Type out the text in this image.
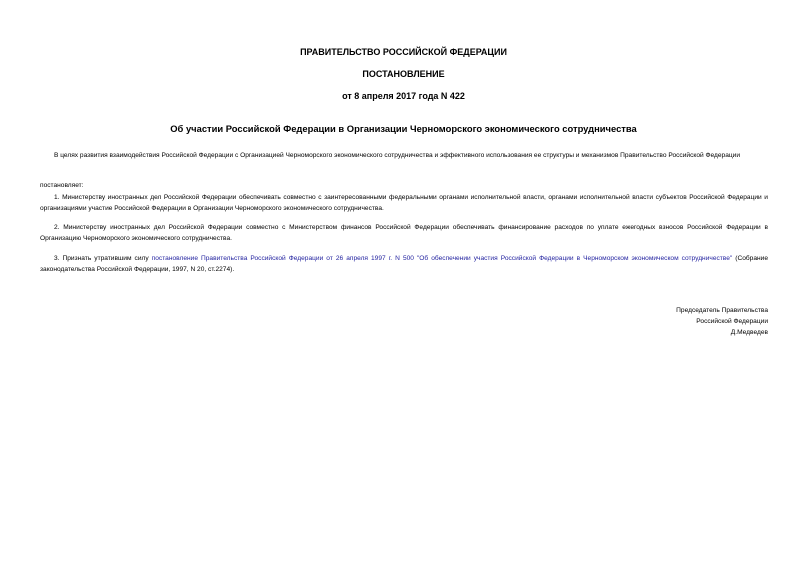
ПРАВИТЕЛЬСТВО РОССИЙСКОЙ ФЕДЕРАЦИИ
ПОСТАНОВЛЕНИЕ
от 8 апреля 2017 года N 422
Об участии Российской Федерации в Организации Черноморского экономического сотрудничества
В целях развития взаимодействия Российской Федерации с Организацией Черноморского экономического сотрудничества и эффективного использования ее структуры и механизмов Правительство Российской Федерации
постановляет:
1. Министерству иностранных дел Российской Федерации обеспечивать совместно с заинтересованными федеральными органами исполнительной власти, органами исполнительной власти субъектов Российской Федерации и организациями участие Российской Федерации в Организации Черноморского экономического сотрудничества.
2. Министерству иностранных дел Российской Федерации совместно с Министерством финансов Российской Федерации обеспечивать финансирование расходов по уплате ежегодных взносов Российской Федерации в Организацию Черноморского экономического сотрудничества.
3. Признать утратившим силу постановление Правительства Российской Федерации от 26 апреля 1997 г. N 500 "Об обеспечении участия Российской Федерации в Черноморском экономическом сотрудничестве" (Собрание законодательства Российской Федерации, 1997, N 20, ст.2274).
Председатель Правительства
Российской Федерации
Д.Медведев
